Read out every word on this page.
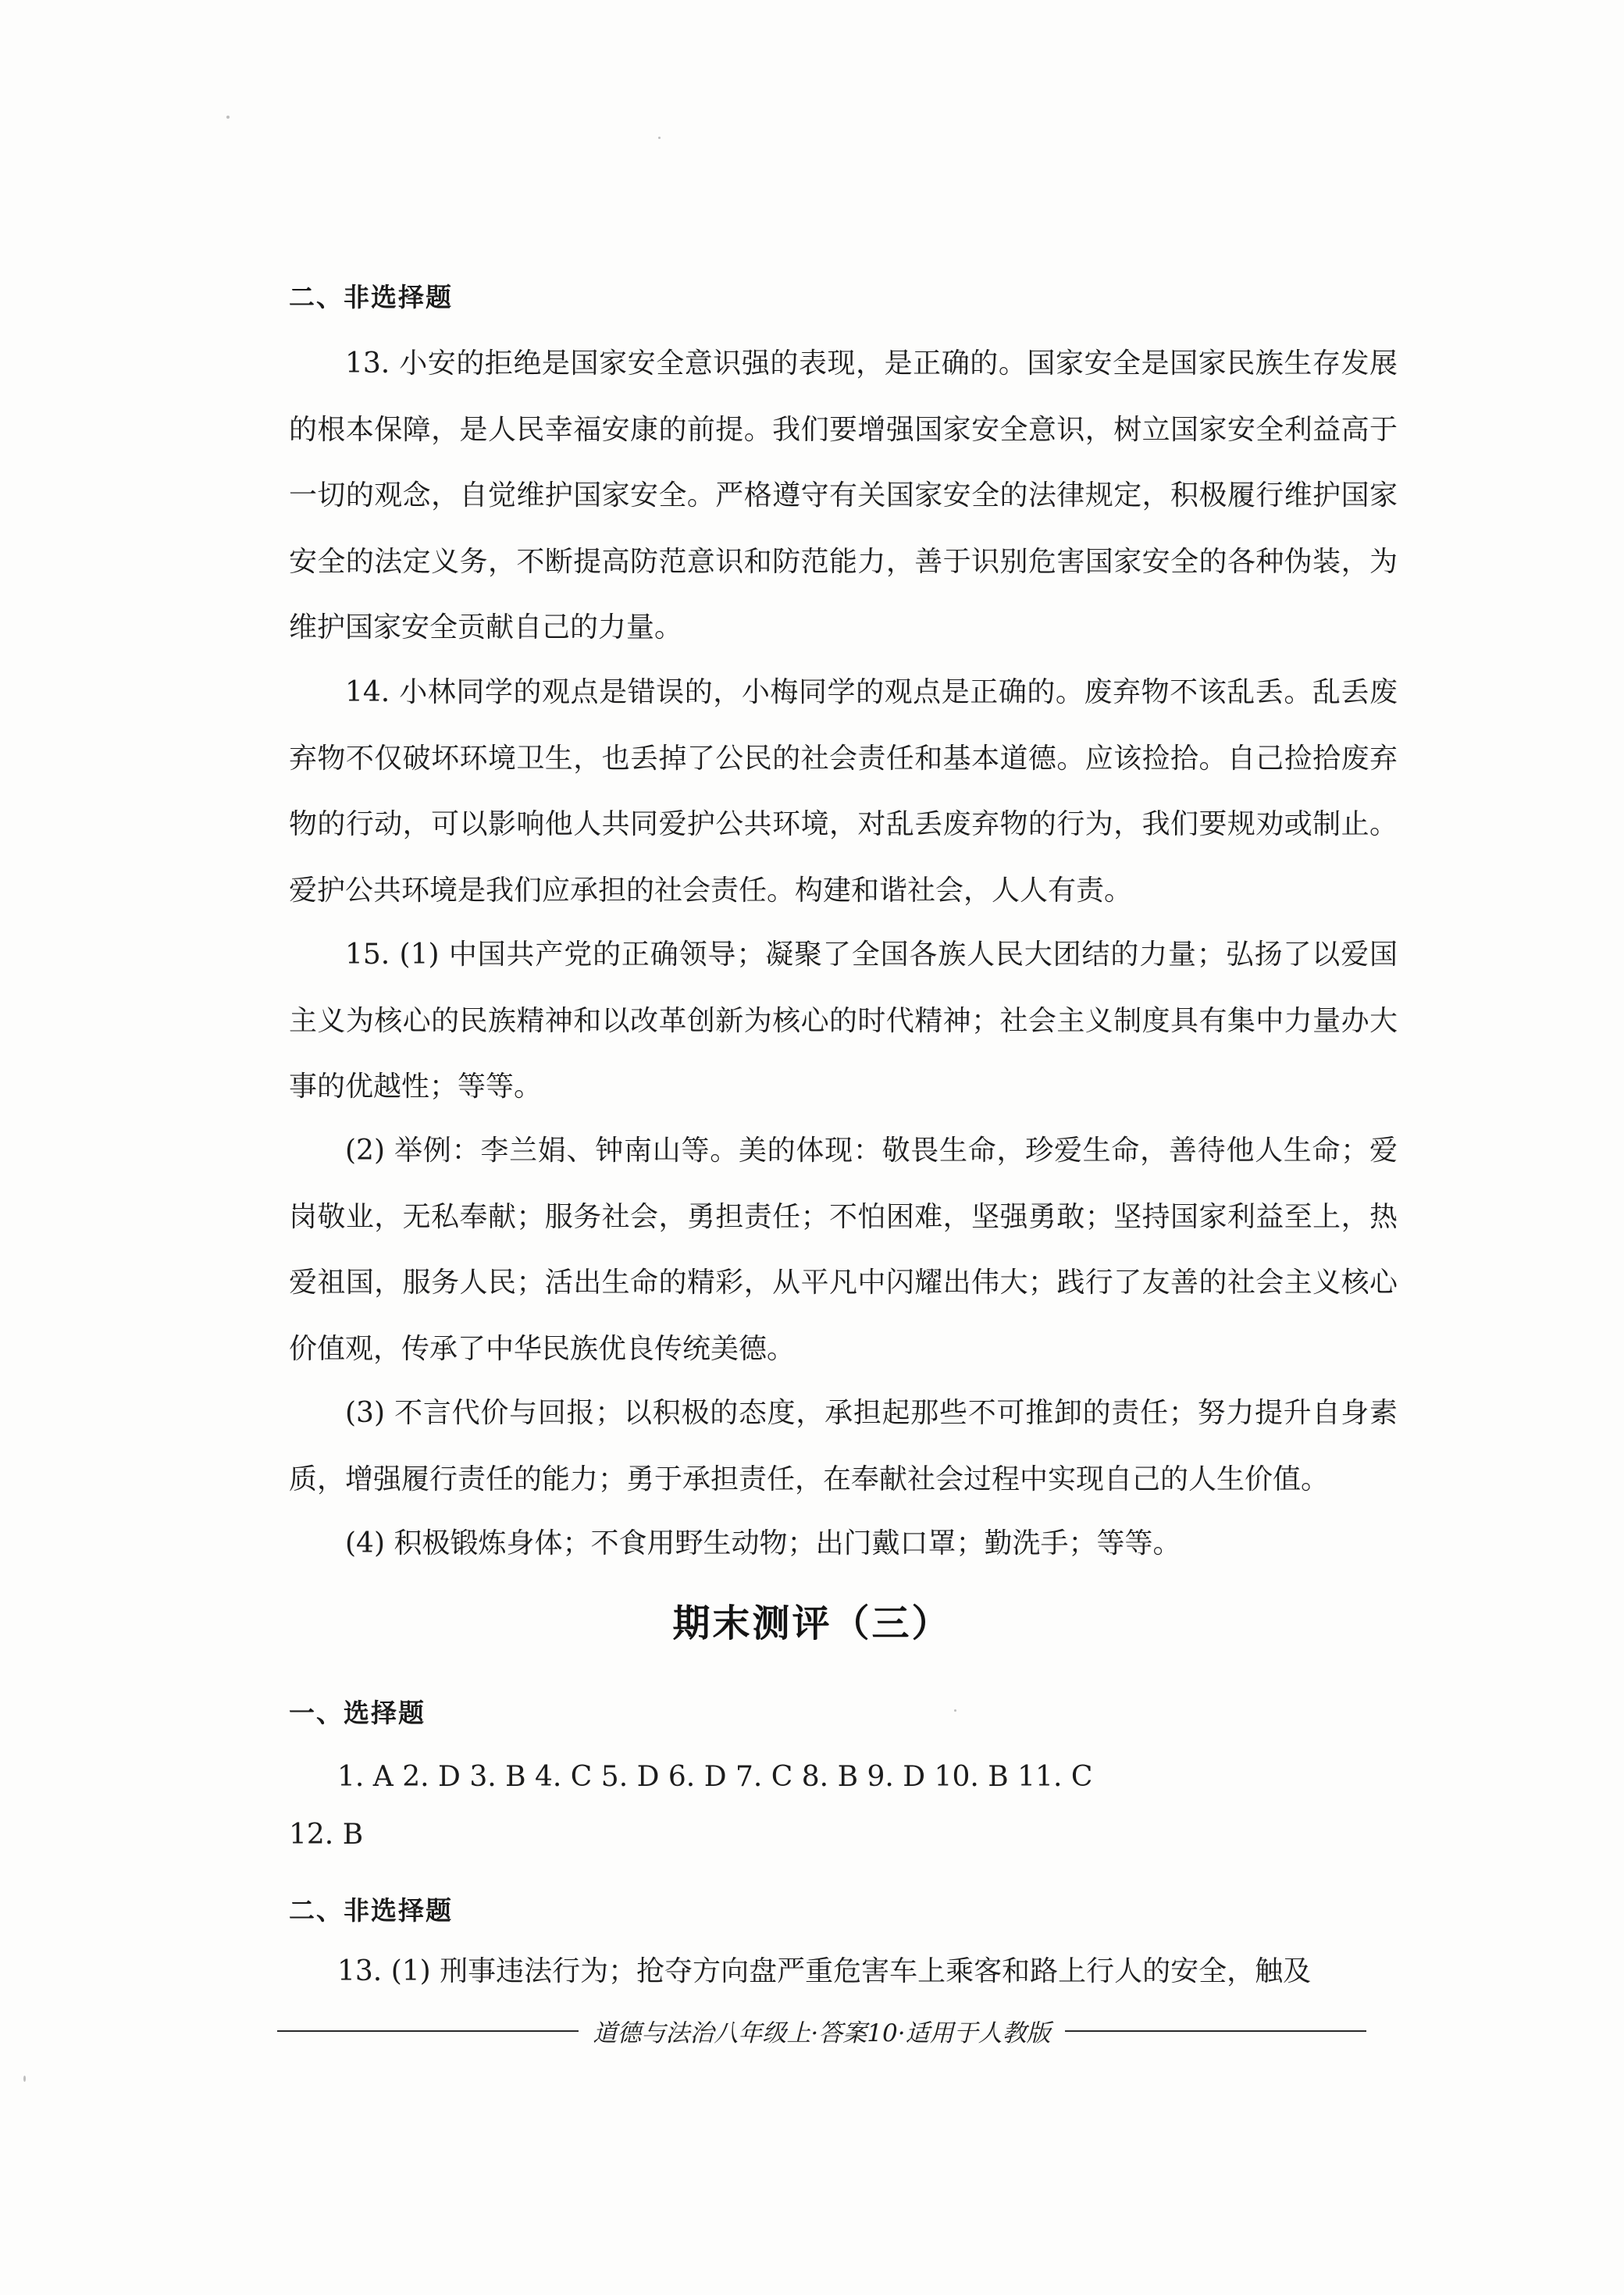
二、非选择题

13. 小安的拒绝是国家安全意识强的表现，是正确的。国家安全是国家民族生存发展的根本保障，是人民幸福安康的前提。我们要增强国家安全意识，树立国家安全利益高于一切的观念，自觉维护国家安全。严格遵守有关国家安全的法律规定，积极履行维护国家安全的法定义务，不断提高防范意识和防范能力，善于识别危害国家安全的各种伪装，为维护国家安全贡献自己的力量。

14. 小林同学的观点是错误的，小梅同学的观点是正确的。废弃物不该乱丢。乱丢废弃物不仅破坏环境卫生，也丢掉了公民的社会责任和基本道德。应该捡拾。自己捡拾废弃物的行动，可以影响他人共同爱护公共环境，对乱丢废弃物的行为，我们要规劝或制止。爱护公共环境是我们应承担的社会责任。构建和谐社会，人人有责。

15. (1) 中国共产党的正确领导；凝聚了全国各族人民大团结的力量；弘扬了以爱国主义为核心的民族精神和以改革创新为核心的时代精神；社会主义制度具有集中力量办大事的优越性；等等。

(2) 举例：李兰娟、钟南山等。美的体现：敬畏生命，珍爱生命，善待他人生命；爱岗敬业，无私奉献；服务社会，勇担责任；不怕困难，坚强勇敢；坚持国家利益至上，热爱祖国，服务人民；活出生命的精彩，从平凡中闪耀出伟大；践行了友善的社会主义核心价值观，传承了中华民族优良传统美德。

(3) 不言代价与回报；以积极的态度，承担起那些不可推卸的责任；努力提升自身素质，增强履行责任的能力；勇于承担责任，在奉献社会过程中实现自己的人生价值。

(4) 积极锻炼身体；不食用野生动物；出门戴口罩；勤洗手；等等。

期末测评（三）
一、选择题

1. A 2. D 3. B 4. C 5. D 6. D 7. C 8. B 9. D 10. B 11. C

12. B

二、非选择题

13. (1) 刑事违法行为；抢夺方向盘严重危害车上乘客和路上行人的安全，触及

道德与法治八年级上·答案10·适用于人教版
